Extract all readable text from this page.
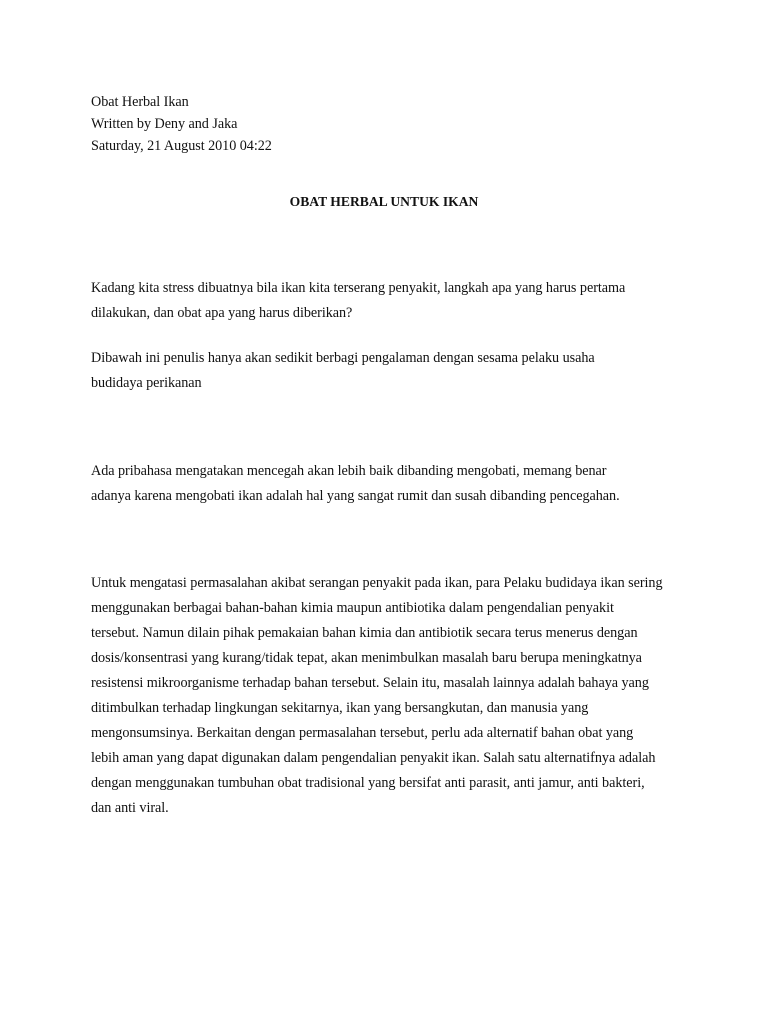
Obat Herbal Ikan

Written by Deny and Jaka

Saturday, 21 August 2010 04:22

OBAT HERBAL UNTUK IKAN

Kadang kita stress dibuatnya bila ikan kita terserang penyakit, langkah apa yang harus pertama

dilakukan, dan obat apa yang harus diberikan?

Dibawah ini penulis hanya akan sedikit berbagi pengalaman dengan sesama pelaku usaha

budidaya perikanan

Ada pribahasa mengatakan mencegah akan lebih baik dibanding mengobati, memang benar

adanya karena mengobati ikan adalah hal yang sangat rumit dan susah dibanding pencegahan.

Untuk mengatasi permasalahan akibat serangan penyakit pada ikan, para Pelaku budidaya ikan sering

menggunakan berbagai bahan-bahan kimia maupun antibiotika dalam pengendalian penyakit

tersebut. Namun dilain pihak pemakaian bahan kimia dan antibiotik secara terus menerus dengan

dosis/konsentrasi yang kurang/tidak tepat, akan menimbulkan masalah baru berupa meningkatnya

resistensi mikroorganisme terhadap bahan tersebut. Selain itu, masalah lainnya adalah bahaya yang

ditimbulkan terhadap lingkungan sekitarnya, ikan yang bersangkutan, dan manusia yang

mengonsumsinya. Berkaitan dengan permasalahan tersebut, perlu ada alternatif bahan obat yang

lebih aman yang dapat digunakan dalam pengendalian penyakit ikan. Salah satu alternatifnya adalah

dengan menggunakan tumbuhan obat tradisional yang bersifat anti parasit, anti jamur, anti bakteri,

dan anti viral.
